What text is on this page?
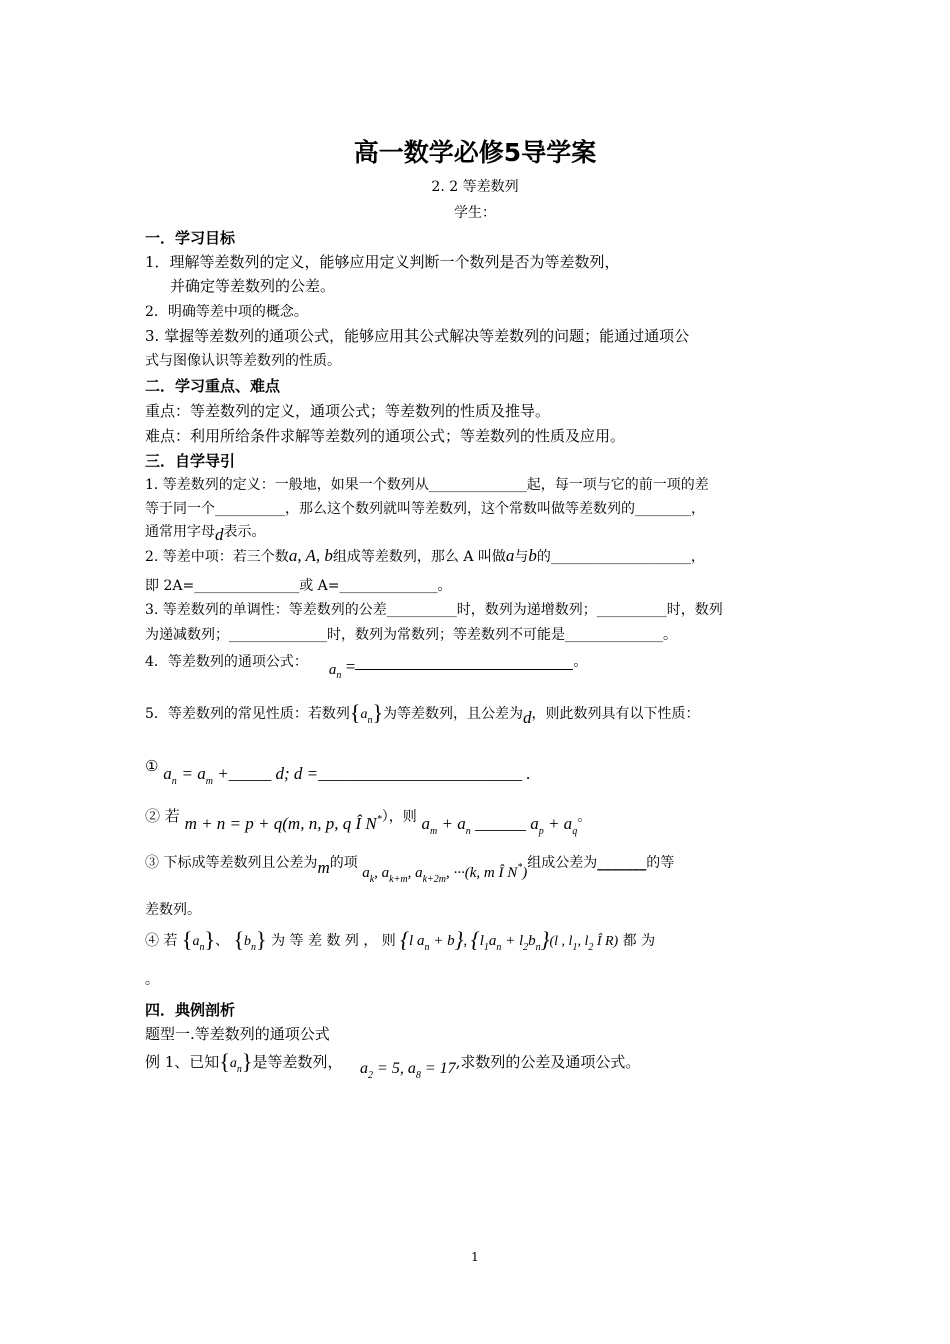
高一数学必修5导学案
2. 2 等差数列
学生：
一．学习目标
1．理解等差数列的定义，能够应用定义判断一个数列是否为等差数列，
并确定等差数列的公差。
2．明确等差中项的概念。
3. 掌握等差数列的通项公式，能够应用其公式解决等差数列的问题；能通过通项公
式与图像认识等差数列的性质。
二．学习重点、难点
重点：等差数列的定义，通项公式；等差数列的性质及推导。
难点：利用所给条件求解等差数列的通项公式；等差数列的性质及应用。
三．自学导引
1. 等差数列的定义：一般地，如果一个数列从______________起，每一项与它的前一项的差
等于同一个__________，那么这个数列就叫等差数列，这个常数叫做等差数列的________，
通常用字母d表示。
2. 等差中项：若三个数a, A, b组成等差数列，那么 A 叫做a与b的____________________，
即 2A=_______________或 A=______________。
3. 等差数列的单调性：等差数列的公差__________时，数列为递增数列；__________时，数列
为递减数列；______________时，数列为常数列；等差数列不可能是______________。
4．等差数列的通项公式： $a_n$ =	。
5．等差数列的常见性质：若数列$\{a_n\}$为等差数列，且公差为d，则此数列具有以下性质：
① $a_n = a_m$ +_____ d; d =________________________ .
② 若 m + n = p + q(m, n, p, q Î N*），则 $a_m + a_n$ ______ $a_p + a_q$。
③ 下标成等差数列且公差为m的项 $a_k$, $a_{k+m}$, $a_{k+2m}$, ···(k, m Î N*)组成公差为_______的等
差数列。
④ 若 $\{a_n\}$、 $\{b_n\}$ 为 等 差 数 列 ， 则 {l $a_n + b$}, $\{l_1a_n + l_2b_n\}(l$ , $l_1$, $l_2$ Î R) 都 为
。
四．典例剖析
题型一.等差数列的通项公式
例 1、已知$\{a_n\}$是等差数列， $a_2 = 5$, $a_8 = 17$,求数列的公差及通项公式。
1
